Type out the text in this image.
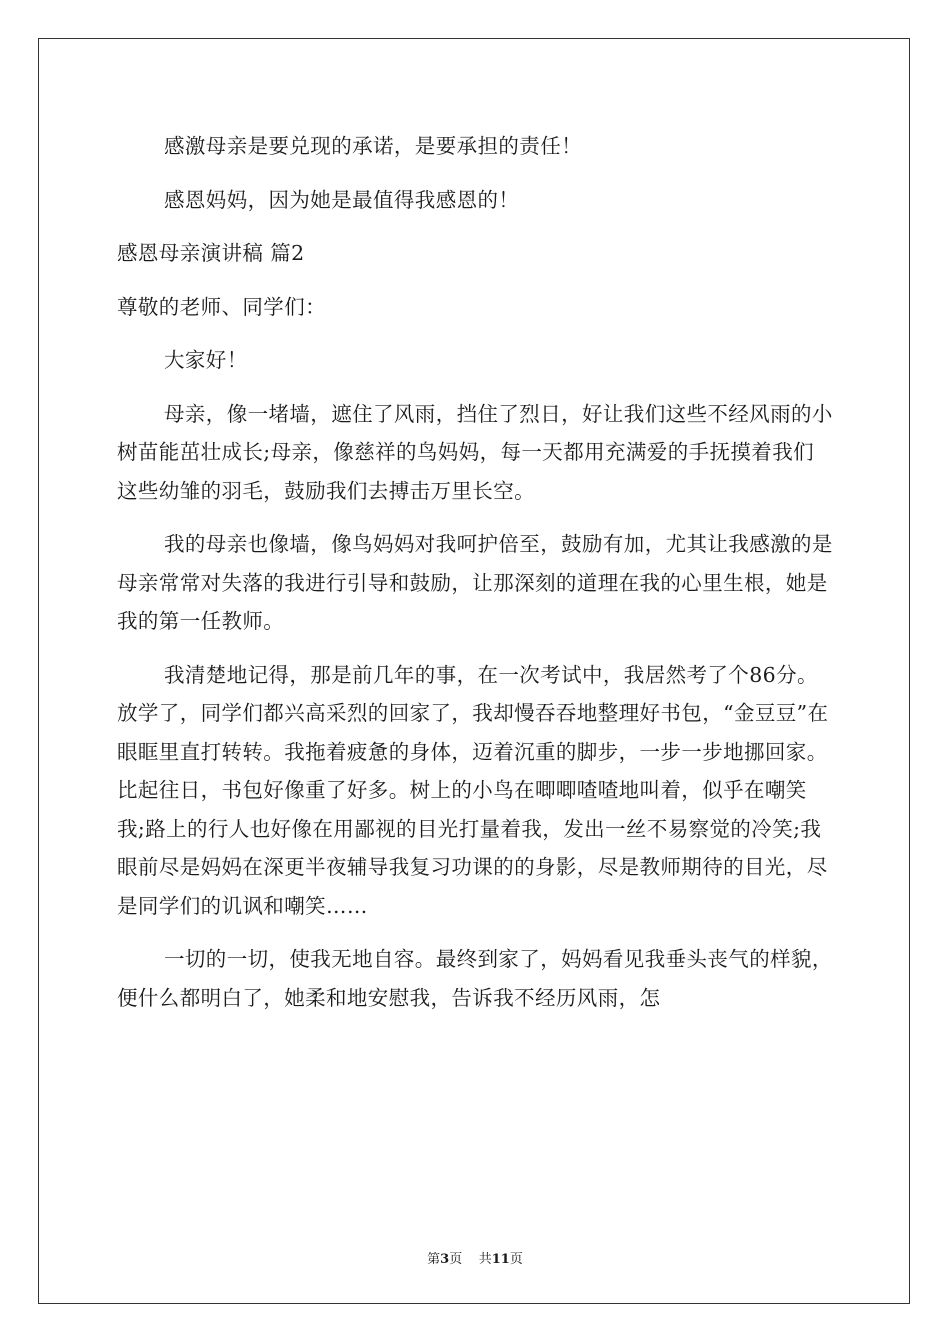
感激母亲是要兑现的承诺，是要承担的责任！

感恩妈妈，因为她是最值得我感恩的！

感恩母亲演讲稿 篇2

尊敬的老师、同学们：

大家好！

母亲，像一堵墙，遮住了风雨，挡住了烈日，好让我们这些不经风雨的小树苗能茁壮成长;母亲，像慈祥的鸟妈妈，每一天都用充满爱的手抚摸着我们这些幼雏的羽毛，鼓励我们去搏击万里长空。

我的母亲也像墙，像鸟妈妈对我呵护倍至，鼓励有加，尤其让我感激的是母亲常常对失落的我进行引导和鼓励，让那深刻的道理在我的心里生根，她是我的第一任教师。

我清楚地记得，那是前几年的事，在一次考试中，我居然考了个86分。放学了，同学们都兴高采烈的回家了，我却慢吞吞地整理好书包，“金豆豆”在眼眶里直打转转。我拖着疲惫的身体，迈着沉重的脚步，一步一步地挪回家。比起往日，书包好像重了好多。树上的小鸟在唧唧喳喳地叫着，似乎在嘲笑我;路上的行人也好像在用鄙视的目光打量着我，发出一丝不易察觉的冷笑;我眼前尽是妈妈在深更半夜辅导我复习功课的的身影，尽是教师期待的目光，尽是同学们的讥讽和嘲笑……

一切的一切，使我无地自容。最终到家了，妈妈看见我垂头丧气的样貌，便什么都明白了，她柔和地安慰我，告诉我不经历风雨，怎

第3页 共11页
